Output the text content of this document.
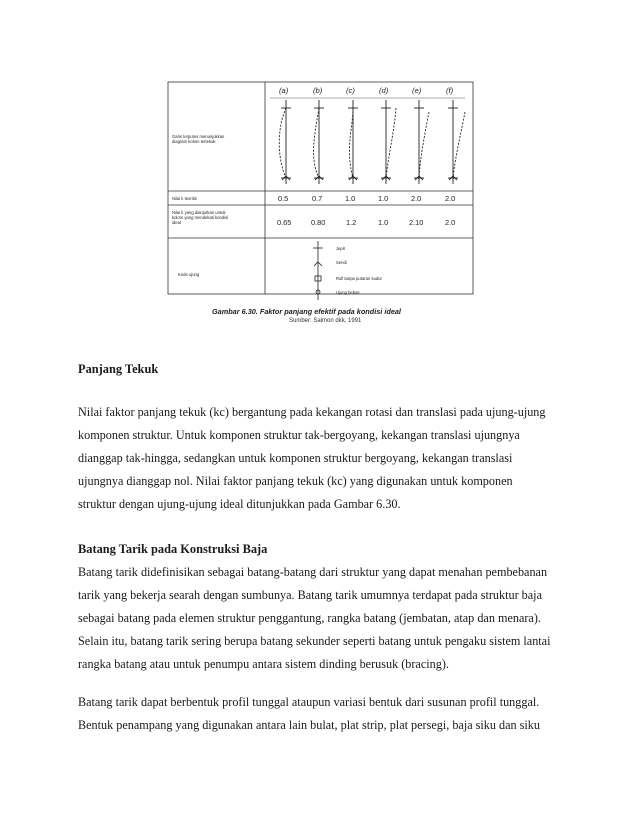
(a)	(b)	(c)	(d)	(e)	(f)
Garis terputus menunjukkan
diagram kolom tertekuk
Nilai k teoritis	0.5	0.7	1.0	1.0	2.0	2.0
Nilai k yang dianjurkan untuk
kolom yang mendekati kondisi
ideal	0.65	0.80	1.2	1.0	2.10	2.0
Kode ujung
Jepit
Sendi
Roll tanpa putaran sudut
Ujung bebas
Gambar 6.30. Faktor panjang efektif pada kondisi ideal
Sumber: Salmon dkk, 1991
Panjang Tekuk
Nilai faktor panjang tekuk (kc) bergantung pada kekangan rotasi dan translasi pada ujung-ujung
komponen struktur. Untuk komponen struktur tak-bergoyang, kekangan translasi ujungnya
dianggap tak-hingga, sedangkan untuk komponen struktur bergoyang, kekangan translasi
ujungnya dianggap nol. Nilai faktor panjang tekuk (kc) yang digunakan untuk komponen
struktur dengan ujung-ujung ideal ditunjukkan pada Gambar 6.30.
Batang Tarik pada Konstruksi Baja
Batang tarik didefinisikan sebagai batang-batang dari struktur yang dapat menahan pembebanan
tarik yang bekerja searah dengan sumbunya. Batang tarik umumnya terdapat pada struktur baja
sebagai batang pada elemen struktur penggantung, rangka batang (jembatan, atap dan menara).
Selain itu, batang tarik sering berupa batang sekunder seperti batang untuk pengaku sistem lantai
rangka batang atau untuk penumpu antara sistem dinding berusuk (bracing).
Batang tarik dapat berbentuk profil tunggal ataupun variasi bentuk dari susunan profil tunggal.
Bentuk penampang yang digunakan antara lain bulat, plat strip, plat persegi, baja siku dan siku
